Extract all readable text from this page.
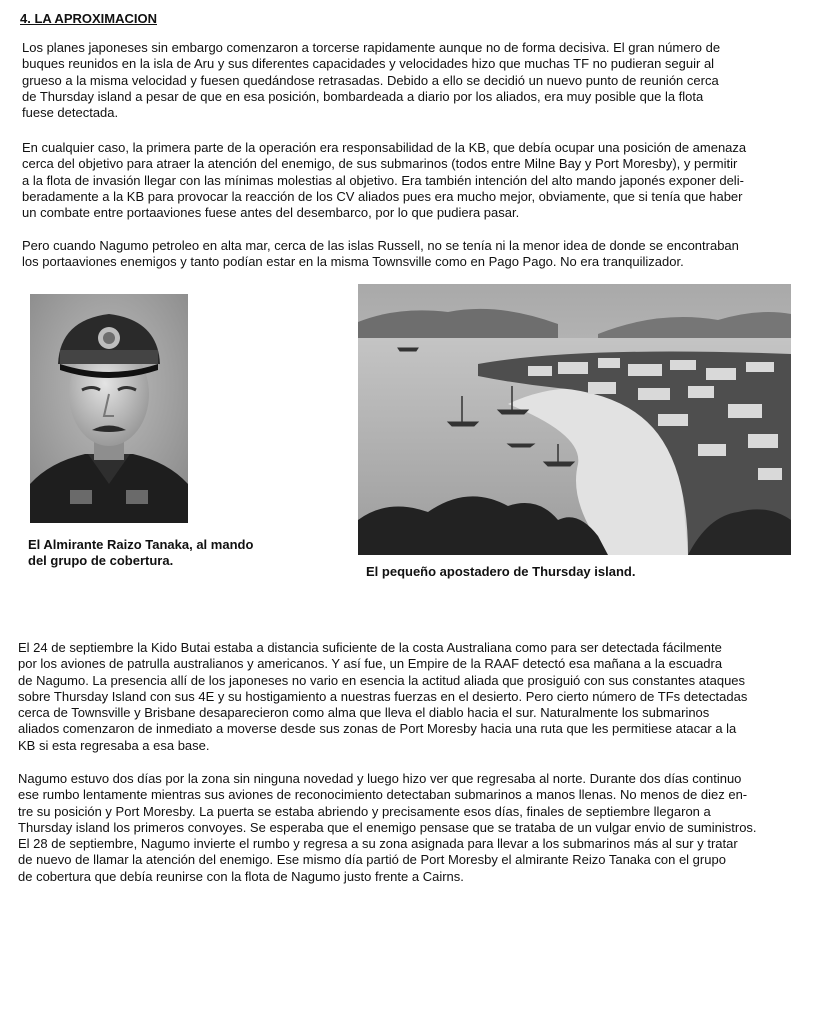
4. LA APROXIMACION

Los planes japoneses sin embargo comenzaron a torcerse rapidamente aunque no de forma decisiva. El gran número de
buques reunidos en la isla de Aru y sus diferentes capacidades y velocidades hizo que muchas TF no pudieran seguir al
grueso a la misma velocidad y fuesen quedándose retrasadas. Debido a ello se decidió un nuevo punto de reunión cerca
de Thursday island a pesar de que en esa posición, bombardeada a diario por los aliados, era muy posible que la flota
fuese detectada.

En cualquier caso, la primera parte de la operación era responsabilidad de la KB, que debía ocupar una posición de amenaza
cerca del objetivo para atraer la atención del enemigo, de sus submarinos (todos entre Milne Bay y Port Moresby), y permitir
a la flota de invasión llegar con las mínimas molestias al objetivo. Era también intención del alto mando japonés exponer deli-
beradamente a la KB para provocar la reacción de los CV aliados pues era mucho mejor, obviamente, que si tenía que haber
un combate entre portaaviones fuese antes del desembarco, por lo que pudiera pasar.

Pero cuando Nagumo petroleo en alta mar, cerca de las islas Russell, no se tenía ni la menor idea de donde se encontraban
los portaaviones enemigos y tanto podían estar en la misma Townsville como en Pago Pago. No era tranquilizador.

El Almirante Raizo Tanaka, al mando
del grupo de cobertura.

El pequeño apostadero de Thursday island.

El 24 de septiembre la Kido Butai estaba a distancia suficiente de la costa Australiana como para ser detectada fácilmente
por los aviones de patrulla australianos y americanos. Y así fue, un Empire de la RAAF detectó esa mañana a la escuadra
de Nagumo. La presencia allí de los japoneses no vario en esencia la actitud aliada que prosiguió con sus constantes ataques
sobre Thursday Island con sus 4E y su hostigamiento a nuestras fuerzas en el desierto. Pero cierto número de TFs detectadas
cerca de Townsville y Brisbane desaparecieron como alma que lleva el diablo hacia el sur. Naturalmente los submarinos
aliados comenzaron de inmediato a moverse desde sus zonas de Port Moresby hacia una ruta que les permitiese atacar a la
KB si esta regresaba a esa base.

Nagumo estuvo dos días por la zona sin ninguna novedad y luego hizo ver que regresaba al norte. Durante dos días continuo
ese rumbo lentamente mientras sus aviones de reconocimiento detectaban submarinos a manos llenas. No menos de diez en-
tre su posición y Port Moresby. La puerta se estaba abriendo y precisamente esos días, finales de septiembre llegaron a
Thursday island los primeros convoyes. Se esperaba que el enemigo pensase que se trataba de un vulgar envio de suministros.
El 28 de septiembre, Nagumo invierte el rumbo y regresa a su zona asignada para llevar a los submarinos más al sur y tratar
de nuevo de llamar la atención del enemigo. Ese mismo día partió de Port Moresby el almirante Reizo Tanaka con el grupo
de cobertura que debía reunirse con la flota de Nagumo justo frente a Cairns.
